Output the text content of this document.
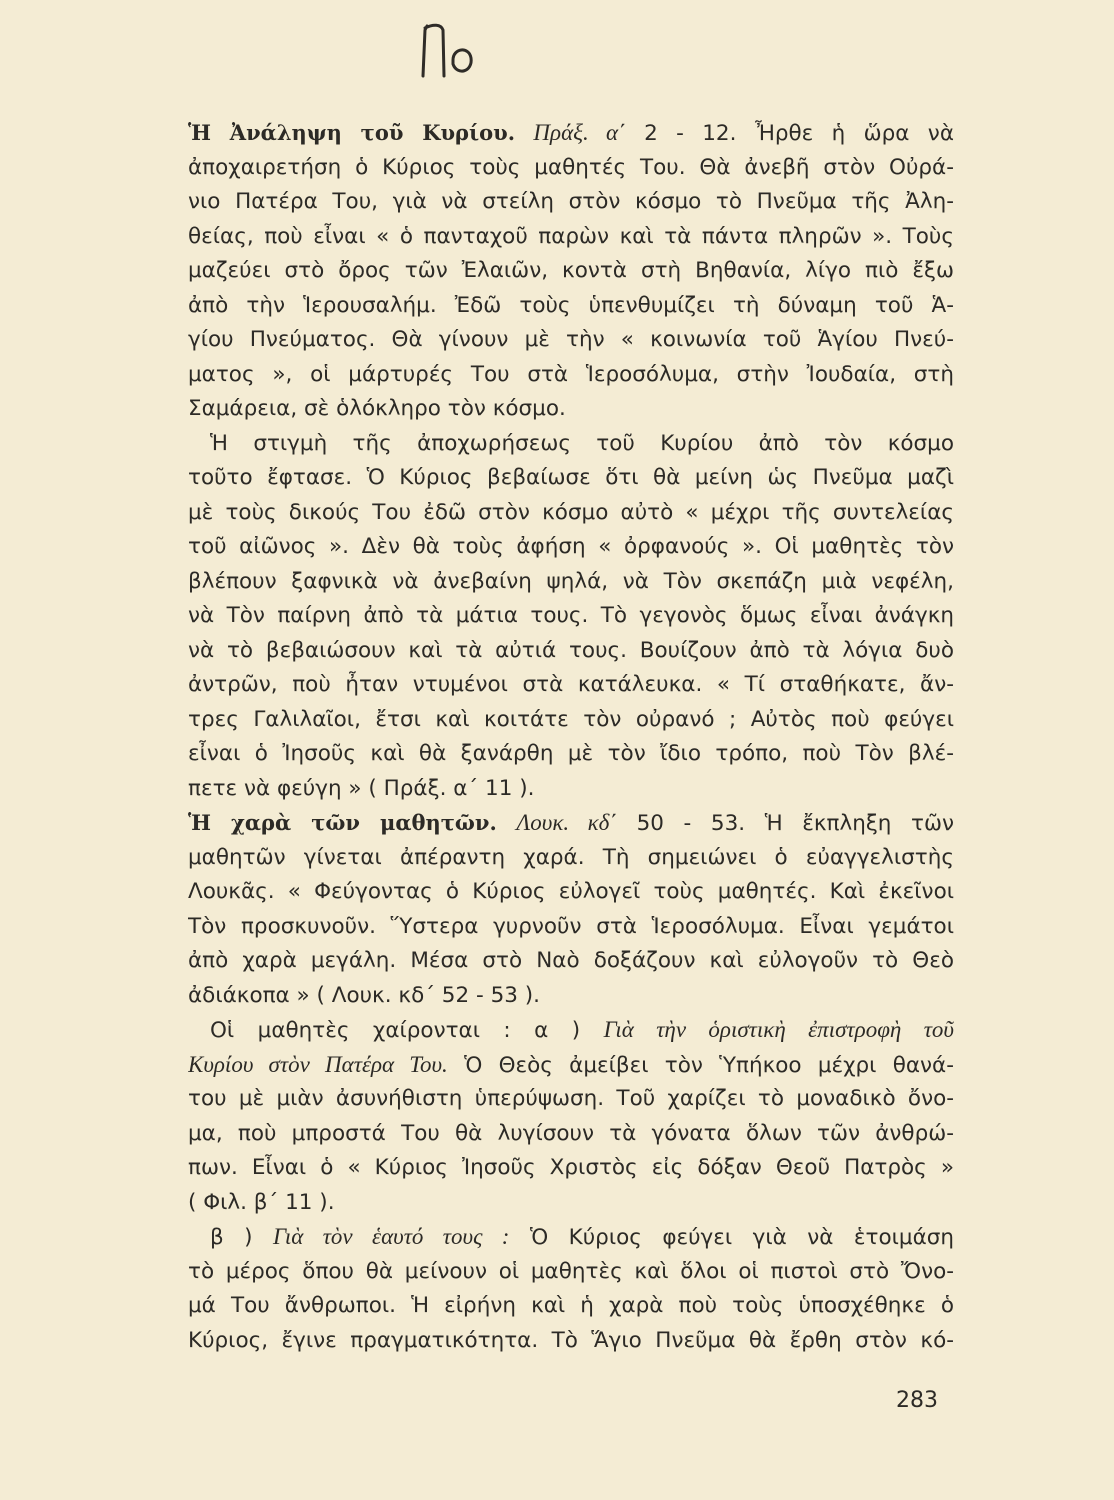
Ἡ Ἀνάληψη τοῦ Κυρίου. Πράξ. α΄ 2 - 12. Ἦρθε ἡ ὥρα νὰ
ἀποχαιρετήση ὁ Κύριος τοὺς μαθητές Του. Θὰ ἀνεβῆ στὸν Οὐρά-
νιο Πατέρα Του, γιὰ νὰ στείλη στὸν κόσμο τὸ Πνεῦμα τῆς Ἀλη-
θείας, ποὺ εἶναι « ὁ πανταχοῦ παρὼν καὶ τὰ πάντα πληρῶν ». Τοὺς
μαζεύει στὸ ὄρος τῶν Ἐλαιῶν, κοντὰ στὴ Βηθανία, λίγο πιὸ ἔξω
ἀπὸ τὴν Ἱερουσαλήμ. Ἐδῶ τοὺς ὑπενθυμίζει τὴ δύναμη τοῦ Ἁ-
γίου Πνεύματος. Θὰ γίνουν μὲ τὴν « κοινωνία τοῦ Ἁγίου Πνεύ-
ματος », οἱ μάρτυρές Του στὰ Ἱεροσόλυμα, στὴν Ἰουδαία, στὴ
Σαμάρεια, σὲ ὁλόκληρο τὸν κόσμο.
Ἡ στιγμὴ τῆς ἀποχωρήσεως τοῦ Κυρίου ἀπὸ τὸν κόσμο
τοῦτο ἔφτασε. Ὁ Κύριος βεβαίωσε ὅτι θὰ μείνη ὡς Πνεῦμα μαζὶ
μὲ τοὺς δικούς Του ἐδῶ στὸν κόσμο αὐτὸ « μέχρι τῆς συντελείας
τοῦ αἰῶνος ». Δὲν θὰ τοὺς ἀφήση « ὀρφανούς ». Οἱ μαθητὲς τὸν
βλέπουν ξαφνικὰ νὰ ἀνεβαίνη ψηλά, νὰ Τὸν σκεπάζη μιὰ νεφέλη,
νὰ Τὸν παίρνη ἀπὸ τὰ μάτια τους. Τὸ γεγονὸς ὅμως εἶναι ἀνάγκη
νὰ τὸ βεβαιώσουν καὶ τὰ αὐτιά τους. Βουίζουν ἀπὸ τὰ λόγια δυὸ
ἀντρῶν, ποὺ ἦταν ντυμένοι στὰ κατάλευκα. « Τί σταθήκατε, ἄν-
τρες Γαλιλαῖοι, ἔτσι καὶ κοιτάτε τὸν οὐρανό ; Αὐτὸς ποὺ φεύγει
εἶναι ὁ Ἰησοῦς καὶ θὰ ξανάρθη μὲ τὸν ἴδιο τρόπο, ποὺ Τὸν βλέ-
πετε νὰ φεύγη » ( Πράξ. α΄ 11 ).
Ἡ χαρὰ τῶν μαθητῶν. Λουκ. κδ΄ 50 - 53. Ἡ ἔκπληξη τῶν
μαθητῶν γίνεται ἀπέραντη χαρά. Τὴ σημειώνει ὁ εὐαγγελιστὴς
Λουκᾶς. « Φεύγοντας ὁ Κύριος εὐλογεῖ τοὺς μαθητές. Καὶ ἐκεῖνοι
Τὸν προσκυνοῦν. Ὕστερα γυρνοῦν στὰ Ἱεροσόλυμα. Εἶναι γεμάτοι
ἀπὸ χαρὰ μεγάλη. Μέσα στὸ Ναὸ δοξάζουν καὶ εὐλογοῦν τὸ Θεὸ
ἀδιάκοπα » ( Λουκ. κδ΄ 52 - 53 ).
Οἱ μαθητὲς χαίρονται : α ) Γιὰ τὴν ὁριστικὴ ἐπιστροφὴ τοῦ
Κυρίου στὸν Πατέρα Του. Ὁ Θεὸς ἀμείβει τὸν Ὑπήκοο μέχρι θανά-
του μὲ μιὰν ἀσυνήθιστη ὑπερύψωση. Τοῦ χαρίζει τὸ μοναδικὸ ὄνο-
μα, ποὺ μπροστά Του θὰ λυγίσουν τὰ γόνατα ὅλων τῶν ἀνθρώ-
πων. Εἶναι ὁ « Κύριος Ἰησοῦς Χριστὸς εἰς δόξαν Θεοῦ Πατρὸς »
( Φιλ. β΄ 11 ).
β ) Γιὰ τὸν ἑαυτό τους : Ὁ Κύριος φεύγει γιὰ νὰ ἑτοιμάση
τὸ μέρος ὅπου θὰ μείνουν οἱ μαθητὲς καὶ ὅλοι οἱ πιστοὶ στὸ Ὄνο-
μά Του ἄνθρωποι. Ἡ εἰρήνη καὶ ἡ χαρὰ ποὺ τοὺς ὑποσχέθηκε ὁ
Κύριος, ἔγινε πραγματικότητα. Τὸ Ἅγιο Πνεῦμα θὰ ἔρθη στὸν κό-
283
